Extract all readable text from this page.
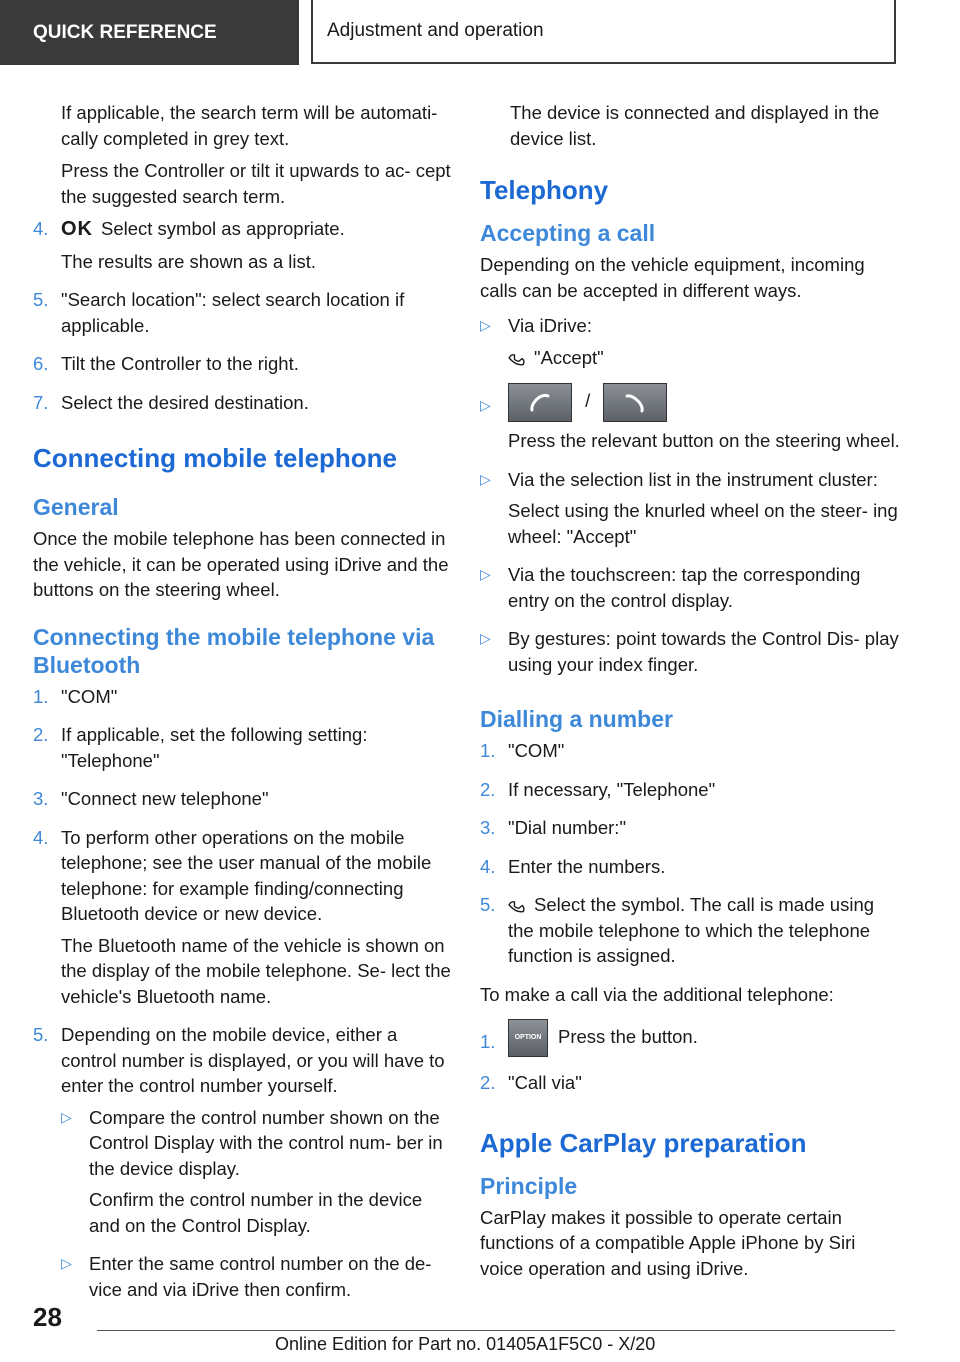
QUICK REFERENCE	Adjustment and operation

If applicable, the search term will be automati‐ cally completed in grey text.

Press the Controller or tilt it upwards to ac‐ cept the suggested search term.

4. OK Select symbol as appropriate.

The results are shown as a list.

5. "Search location": select search location if applicable.

6. Tilt the Controller to the right.

7. Select the desired destination.

Connecting mobile telephone
General

Once the mobile telephone has been connected in the vehicle, it can be operated using iDrive and the buttons on the steering wheel.

Connecting the mobile telephone via Bluetooth
1. "COM"

2. If applicable, set the following setting: "Telephone"

3. "Connect new telephone"

4. To perform other operations on the mobile telephone; see the user manual of the mobile telephone: for example finding/connecting Bluetooth device or new device.

The Bluetooth name of the vehicle is shown on the display of the mobile telephone. Se‐ lect the vehicle's Bluetooth name.

5. Depending on the mobile device, either a control number is displayed, or you will have to enter the control number yourself.

▷ Compare the control number shown on the Control Display with the control num‐ ber in the device display.

Confirm the control number in the device and on the Control Display.

▷ Enter the same control number on the de‐ vice and via iDrive then confirm.

The device is connected and displayed in the device list.

Telephony
Accepting a call

Depending on the vehicle equipment, incoming calls can be accepted in different ways.

▷ Via iDrive:

"Accept"

▷	/

Press the relevant button on the steering wheel.

▷ Via the selection list in the instrument cluster:

Select using the knurled wheel on the steer‐ ing wheel: "Accept"

▷ Via the touchscreen: tap the corresponding entry on the control display.

▷ By gestures: point towards the Control Dis‐ play using your index finger.

Dialling a number
1. "COM"

2. If necessary, "Telephone"

3. "Dial number:"

4. Enter the numbers.

5.	Select the symbol. The call is made using the mobile telephone to which the telephone function is assigned.

To make a call via the additional telephone:

1.	OPTION Press the button.

2. "Call via"

Apple CarPlay preparation
Principle

CarPlay makes it possible to operate certain functions of a compatible Apple iPhone by Siri voice operation and using iDrive.

28
Online Edition for Part no. 01405A1F5C0 - X/20
